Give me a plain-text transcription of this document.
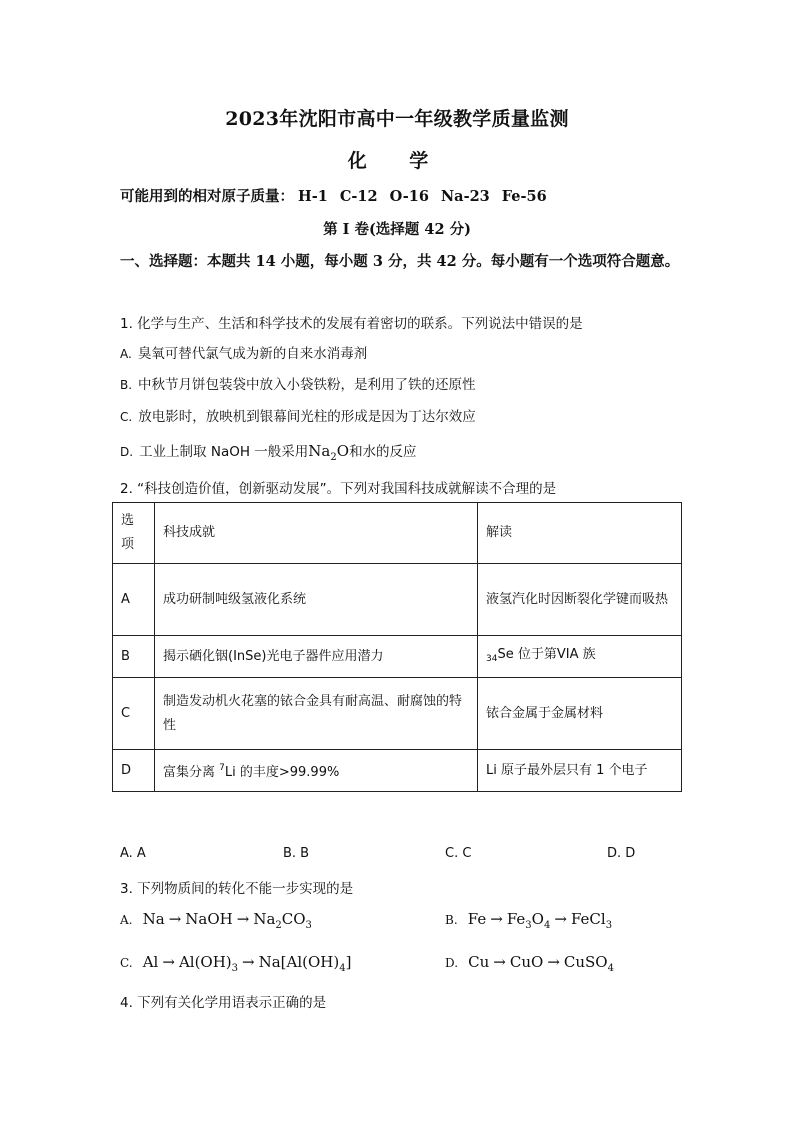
2023年沈阳市高中一年级教学质量监测
化 学
可能用到的相对原子质量： H-1 C-12 O-16 Na-23 Fe-56
第 I 卷(选择题 42 分)
一、选择题：本题共 14 小题，每小题 3 分，共 42 分。每小题有一个选项符合题意。
1. 化学与生产、生活和科学技术的发展有着密切的联系。下列说法中错误的是
A. 臭氧可替代氯气成为新的自来水消毒剂
B. 中秋节月饼包装袋中放入小袋铁粉，是利用了铁的还原性
C. 放电影时，放映机到银幕间光柱的形成是因为丁达尔效应
D. 工业上制取 NaOH 一般采用$Na_2O$和水的反应
2. “科技创造价值，创新驱动发展”。下列对我国科技成就解读不合理的是
选
项	科技成就	解读
A	成功研制吨级氢液化系统	液氢汽化时因断裂化学键而吸热
B	揭示硒化铟(InSe)光电子器件应用潜力	$_{34}$Se 位于第VIA 族
C	制造发动机火花塞的铱合金具有耐高温、耐腐蚀的特性	铱合金属于金属材料
D	富集分离 $^7$Li 的丰度>99.99%	Li 原子最外层只有 1 个电子
A. A	B. B	C. C	D. D
3. 下列物质间的转化不能一步实现的是
A. Na → NaOH → $Na_2CO_3$	B. $Fe \to Fe_3O_4$ → FeCl$_3$
C. $Al \to Al(OH)_3 \to Na[Al(OH)_4]$	D. Cu → CuO → CuSO$_4$
4. 下列有关化学用语表示正确的是
